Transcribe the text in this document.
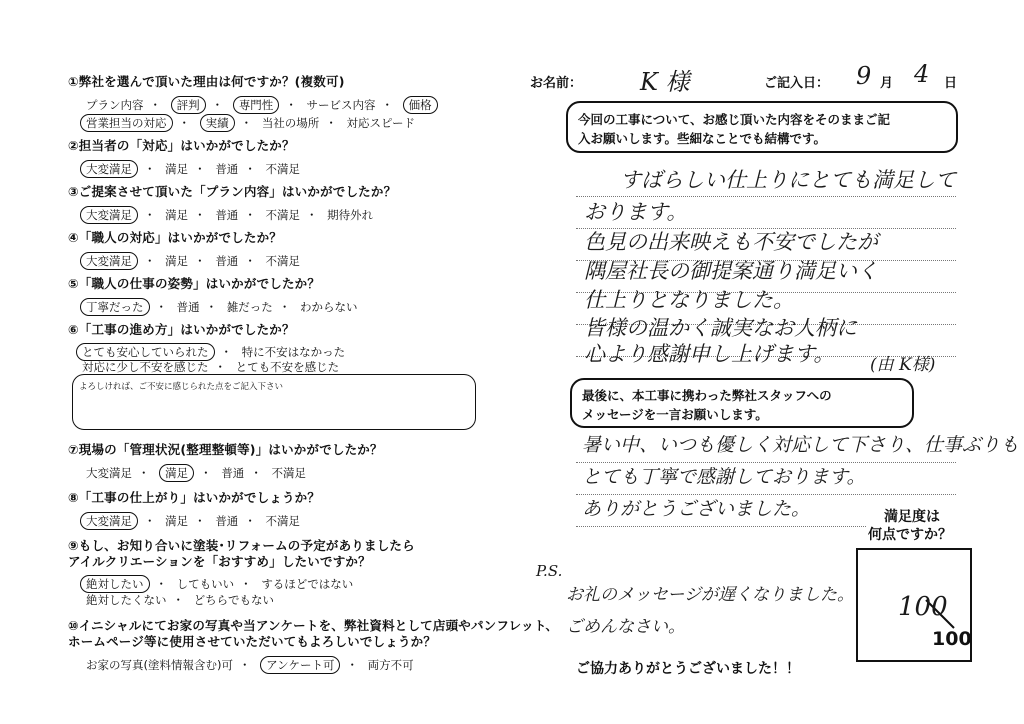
①弊社を選んで頂いた理由は何ですか？(複数可)
プラン内容 ・ 評判 ・ 専門性 ・ サービス内容 ・ 価格
営業担当の対応 ・ 実績 ・ 当社の場所 ・ 対応スピード
②担当者の「対応」はいかがでしたか？
大変満足 ・ 満足 ・ 普通 ・ 不満足
③ご提案させて頂いた「プラン内容」はいかがでしたか？
大変満足 ・ 満足 ・ 普通 ・ 不満足 ・ 期待外れ
④「職人の対応」はいかがでしたか？
大変満足 ・ 満足 ・ 普通 ・ 不満足
⑤「職人の仕事の姿勢」はいかがでしたか？
丁寧だった ・ 普通 ・ 雑だった ・ わからない
⑥「工事の進め方」はいかがでしたか？
とても安心していられた ・ 特に不安はなかった
対応に少し不安を感じた ・ とても不安を感じた
よろしければ、ご不安に感じられた点をご記入下さい
⑦現場の「管理状況(整理整頓等)」はいかがでしたか？
大変満足 ・ 満足 ・ 普通 ・ 不満足
⑧「工事の仕上がり」はいかがでしょうか？
大変満足 ・ 満足 ・ 普通 ・ 不満足
⑨もし、お知り合いに塗装･リフォームの予定がありましたら
アイルクリエーションを「おすすめ」したいですか？
絶対したい ・ してもいい ・ するほどではない
絶対したくない ・ どちらでもない
⑩イニシャルにてお家の写真や当アンケートを、弊社資料として店頭やパンフレット、
ホームページ等に使用させていただいてもよろしいでしょうか？
お家の写真(塗料情報含む)可 ・ アンケート可 ・ 両方不可
お名前： K 様	ご記入日： 9 月 4 日
今回の工事について、お感じ頂いた内容をそのままご記
入お願いします。些細なことでも結構です。
すばらしい仕上りにとても満足して
おります。
色見の出来映えも不安でしたが
隅屋社長の御提案通り満足いく
仕上りとなりました。
皆様の温かく誠実なお人柄に
心より感謝申し上げます。 (由 K様)
最後に、本工事に携わった弊社スタッフへの
メッセージを一言お願いします。
暑い中、いつも優しく対応して下さり、仕事ぶりも
とても丁寧で感謝しております。
ありがとうございました。
P.S.
お礼のメッセージが遅くなりました。
ごめんなさい。
満足度は
何点ですか？
100
100
ご協力ありがとうございました！！
